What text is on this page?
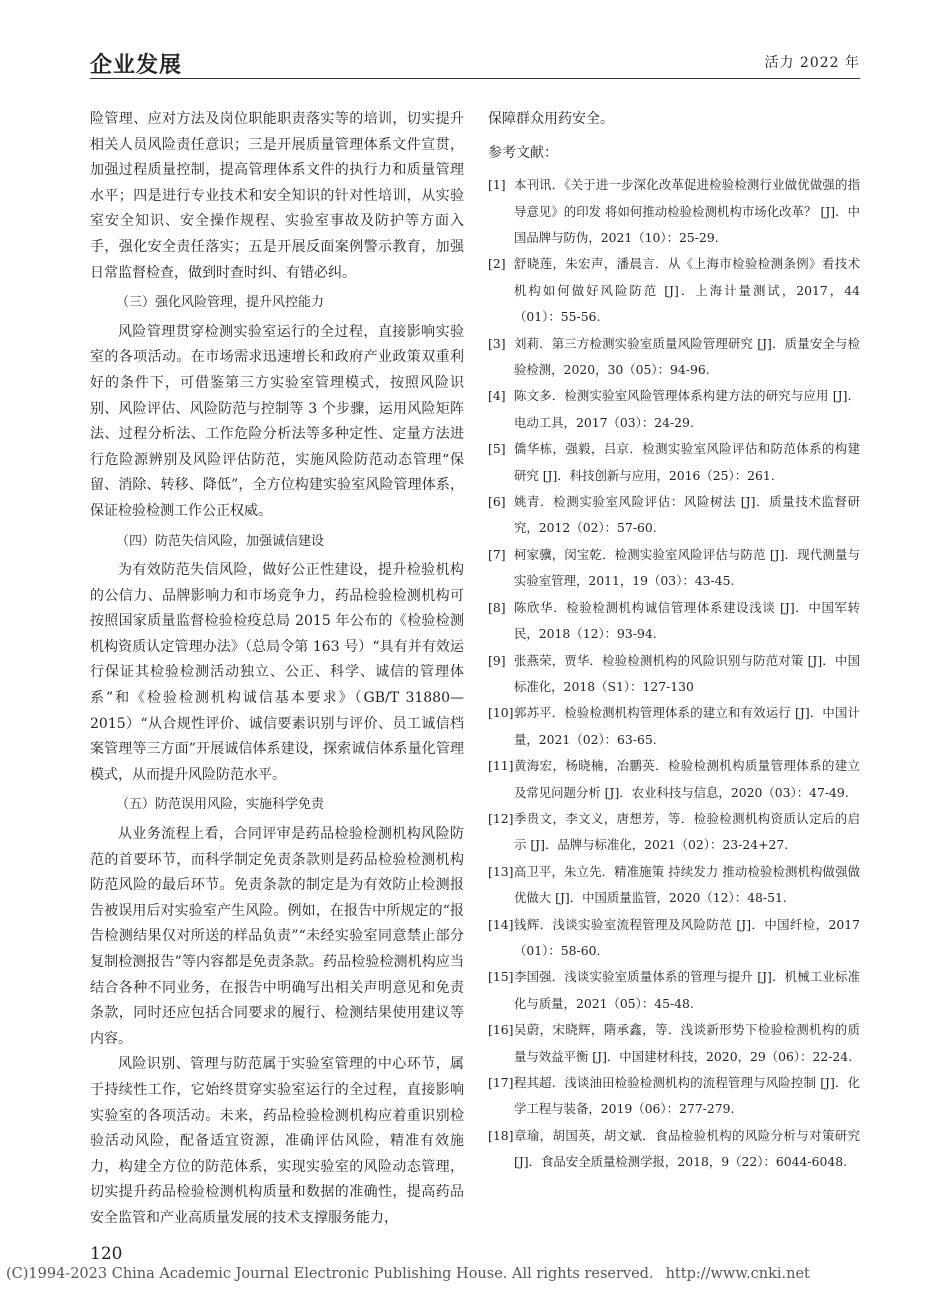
企业发展	活力 2022 年

险管理、应对方法及岗位职能职责落实等的培训，切实提升相关人员风险责任意识；三是开展质量管理体系文件宣贯，加强过程质量控制，提高管理体系文件的执行力和质量管理水平；四是进行专业技术和安全知识的针对性培训，从实验室安全知识、安全操作规程、实验室事故及防护等方面入手，强化安全责任落实；五是开展反面案例警示教育，加强日常监督检查，做到时查时纠、有错必纠。

（三）强化风险管理，提升风控能力

风险管理贯穿检测实验室运行的全过程，直接影响实验室的各项活动。在市场需求迅速增长和政府产业政策双重利好的条件下，可借鉴第三方实验室管理模式，按照风险识别、风险评估、风险防范与控制等 3 个步骤，运用风险矩阵法、过程分析法、工作危险分析法等多种定性、定量方法进行危险源辨别及风险评估防范，实施风险防范动态管理“保留、消除、转移、降低”，全方位构建实验室风险管理体系，保证检验检测工作公正权威。

（四）防范失信风险，加强诚信建设

为有效防范失信风险，做好公正性建设，提升检验机构的公信力、品牌影响力和市场竞争力，药品检验检测机构可按照国家质量监督检验检疫总局 2015 年公布的《检验检测机构资质认定管理办法》（总局令第 163 号）“具有并有效运行保证其检验检测活动独立、公正、科学、诚信的管理体系”和《检验检测机构诚信基本要求》（GB/T 31880—2015）“从合规性评价、诚信要素识别与评价、员工诚信档案管理等三方面”开展诚信体系建设，探索诚信体系量化管理模式，从而提升风险防范水平。

（五）防范误用风险，实施科学免责

从业务流程上看，合同评审是药品检验检测机构风险防范的首要环节，而科学制定免责条款则是药品检验检测机构防范风险的最后环节。免责条款的制定是为有效防止检测报告被误用后对实验室产生风险。例如，在报告中所规定的“报告检测结果仅对所送的样品负责”“未经实验室同意禁止部分复制检测报告”等内容都是免责条款。药品检验检测机构应当结合各种不同业务，在报告中明确写出相关声明意见和免责条款，同时还应包括合同要求的履行、检测结果使用建议等内容。

风险识别、管理与防范属于实验室管理的中心环节，属于持续性工作，它始终贯穿实验室运行的全过程，直接影响实验室的各项活动。未来，药品检验检测机构应着重识别检验活动风险，配备适宜资源，准确评估风险，精准有效施力，构建全方位的防范体系，实现实验室的风险动态管理，切实提升药品检验检测机构质量和数据的准确性，提高药品安全监管和产业高质量发展的技术支撑服务能力，

保障群众用药安全。

参考文献：
[1] 本刊讯．《关于进一步深化改革促进检验检测行业做优做强的指导意见》的印发 将如何推动检验检测机构市场化改革？ [J]．中国品牌与防伪，2021（10）：25-29.
[2] 舒晓莲，朱宏声，潘晨言．从《上海市检验检测条例》看技术机构如何做好风险防范 [J]．上海计量测试，2017，44（01）：55-56.
[3] 刘莉．第三方检测实验室质量风险管理研究 [J]．质量安全与检验检测，2020，30（05）：94-96.
[4] 陈文多．检测实验室风险管理体系构建方法的研究与应用 [J]．电动工具，2017（03）：24-29.
[5] 僑华栋，强毅，吕京．检测实验室风险评估和防范体系的构建研究 [J]．科技创新与应用，2016（25）：261.
[6] 姚青．检测实验室风险评估：风险树法 [J]．质量技术监督研究，2012（02）：57-60.
[7] 柯家骥，闵宝乾．检测实验室风险评估与防范 [J]．现代测量与实验室管理，2011，19（03）：43-45.
[8] 陈欣华．检验检测机构诚信管理体系建设浅谈 [J]．中国军转民，2018（12）：93-94.
[9] 张燕荣，贾华．检验检测机构的风险识别与防范对策 [J]．中国标准化，2018（S1）：127-130
[10] 郭苏平．检验检测机构管理体系的建立和有效运行 [J]．中国计量，2021（02）：63-65.
[11] 黄海宏，杨晓楠，冶鹏英．检验检测机构质量管理体系的建立及常见问题分析 [J]．农业科技与信息，2020（03）：47-49.
[12] 季贵文，李文义，唐想芳，等．检验检测机构资质认定后的启示 [J]．品牌与标准化，2021（02）：23-24+27.
[13] 高卫平，朱立先．精准施策 持续发力 推动检验检测机构做强做优做大 [J]．中国质量监管，2020（12）：48-51.
[14] 钱辉．浅谈实验室流程管理及风险防范 [J]．中国纤检，2017（01）：58-60.
[15] 李国强．浅谈实验室质量体系的管理与提升 [J]．机械工业标准化与质量，2021（05）：45-48.
[16] 吴蔚，宋晓辉，隋承鑫，等．浅谈新形势下检验检测机构的质量与效益平衡 [J]．中国建材科技，2020，29（06）：22-24.
[17] 程其超．浅谈油田检验检测机构的流程管理与风险控制 [J]．化学工程与装备，2019（06）：277-279.
[18] 章瑜，胡国英，胡文斌．食品检验机构的风险分析与对策研究 [J]．食品安全质量检测学报，2018，9（22）：6044-6048.
120
(C)1994-2023 China Academic Journal Electronic Publishing House. All rights reserved. http://www.cnki.net
